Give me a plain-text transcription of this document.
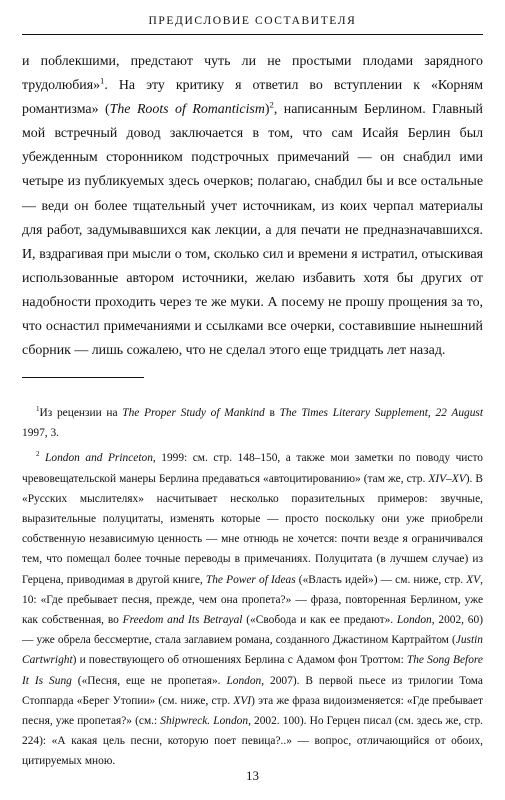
ПРЕДИСЛОВИЕ СОСТАВИТЕЛЯ

и поблекшими, предстают чуть ли не простыми плодами зарядного трудолюбия»$^1$. На эту критику я ответил во вступлении к «Корням романтизма» (The Roots of Romanticism)$^2$, написанным Берлином. Главный мой встречный довод заключается в том, что сам Исайя Берлин был убежденным сторонником подстрочных примечаний — он снабдил ими четыре из публикуемых здесь очерков; полагаю, снабдил бы и все остальные — веди он более тщательный учет источникам, из коих черпал материалы для работ, задумывавшихся как лекции, а для печати не предназначавшихся. И, вздрагивая при мысли о том, сколько сил и времени я истратил, отыскивая использованные автором источники, желаю избавить хотя бы других от надобности проходить через те же муки. А посему не прошу прощения за то, что оснастил примечаниями и ссылками все очерки, составившие нынешний сборник — лишь сожалею, что не сделал этого еще тридцать лет назад.

$^1$Из рецензии на The Proper Study of Mankind в The Times Literary Supplement, 22 August 1997, 3.

$^2$ London and Princeton, 1999: см. стр. 148–150, а также мои заметки по поводу чисто чревовещательской манеры Берлина предаваться «автоцитированию» (там же, стр. XIV–XV). В «Русских мыслителях» насчитывает несколько поразительных примеров: звучные, выразительные полуцитаты, изменять которые — просто поскольку они уже приобрели собственную независимую ценность — мне отнюдь не хочется: почти везде я ограничивался тем, что помещал более точные переводы в примечаниях. Полуцитата (в лучшем случае) из Герцена, приводимая в другой книге, The Power of Ideas («Власть идей») — см. ниже, стр. XV, 10: «Где пребывает песня, прежде, чем она пропета?» — фраза, повторенная Берлином, уже как собственная, во Freedom and Its Betrayal («Свобода и как ее предают». London, 2002, 60) — уже обрела бессмертие, стала заглавием романа, созданного Джастином Картрайтом (Justin Cartwright) и повествующего об отношениях Берлина с Адамом фон Троттом: The Song Before It Is Sung («Песня, еще не пропетая». London, 2007). В первой пьесе из трилогии Тома Стоппарда «Берег Утопии» (см. ниже, стр. XVI) эта же фраза видоизменяется: «Где пребывает песня, уже пропетая?» (см.: Shipwreck. London, 2002. 100). Но Герцен писал (см. здесь же, стр. 224): «А какая цель песни, которую поет певица?..» — вопрос, отличающийся от обоих, цитируемых мною.

13
